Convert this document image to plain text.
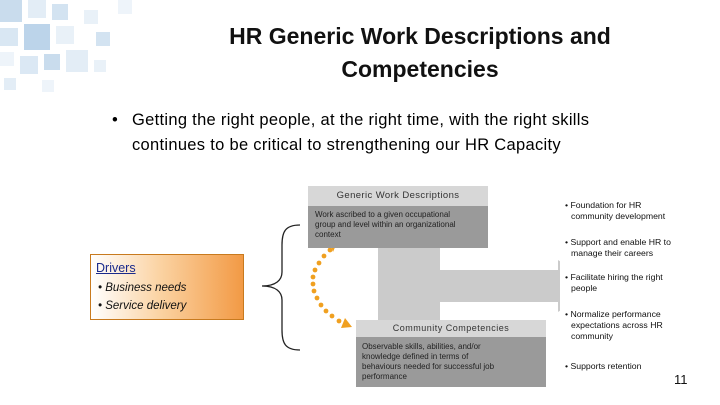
HR Generic Work Descriptions and
Competencies
• Getting the right people, at the right time, with the right skills
continues to be critical to strengthening our HR Capacity
Generic Work Descriptions
Work ascribed to a given occupational
group and level within an organizational
context
Drivers
• Business needs
• Service delivery
Community Competencies
Observable skills, abilities, and/or
knowledge defined in terms of
behaviours needed for successful job
performance
• Foundation for HR
community development
• Support and enable HR to
manage their careers
• Facilitate hiring the right
people
• Normalize performance
expectations across HR
community
• Supports retention
11
